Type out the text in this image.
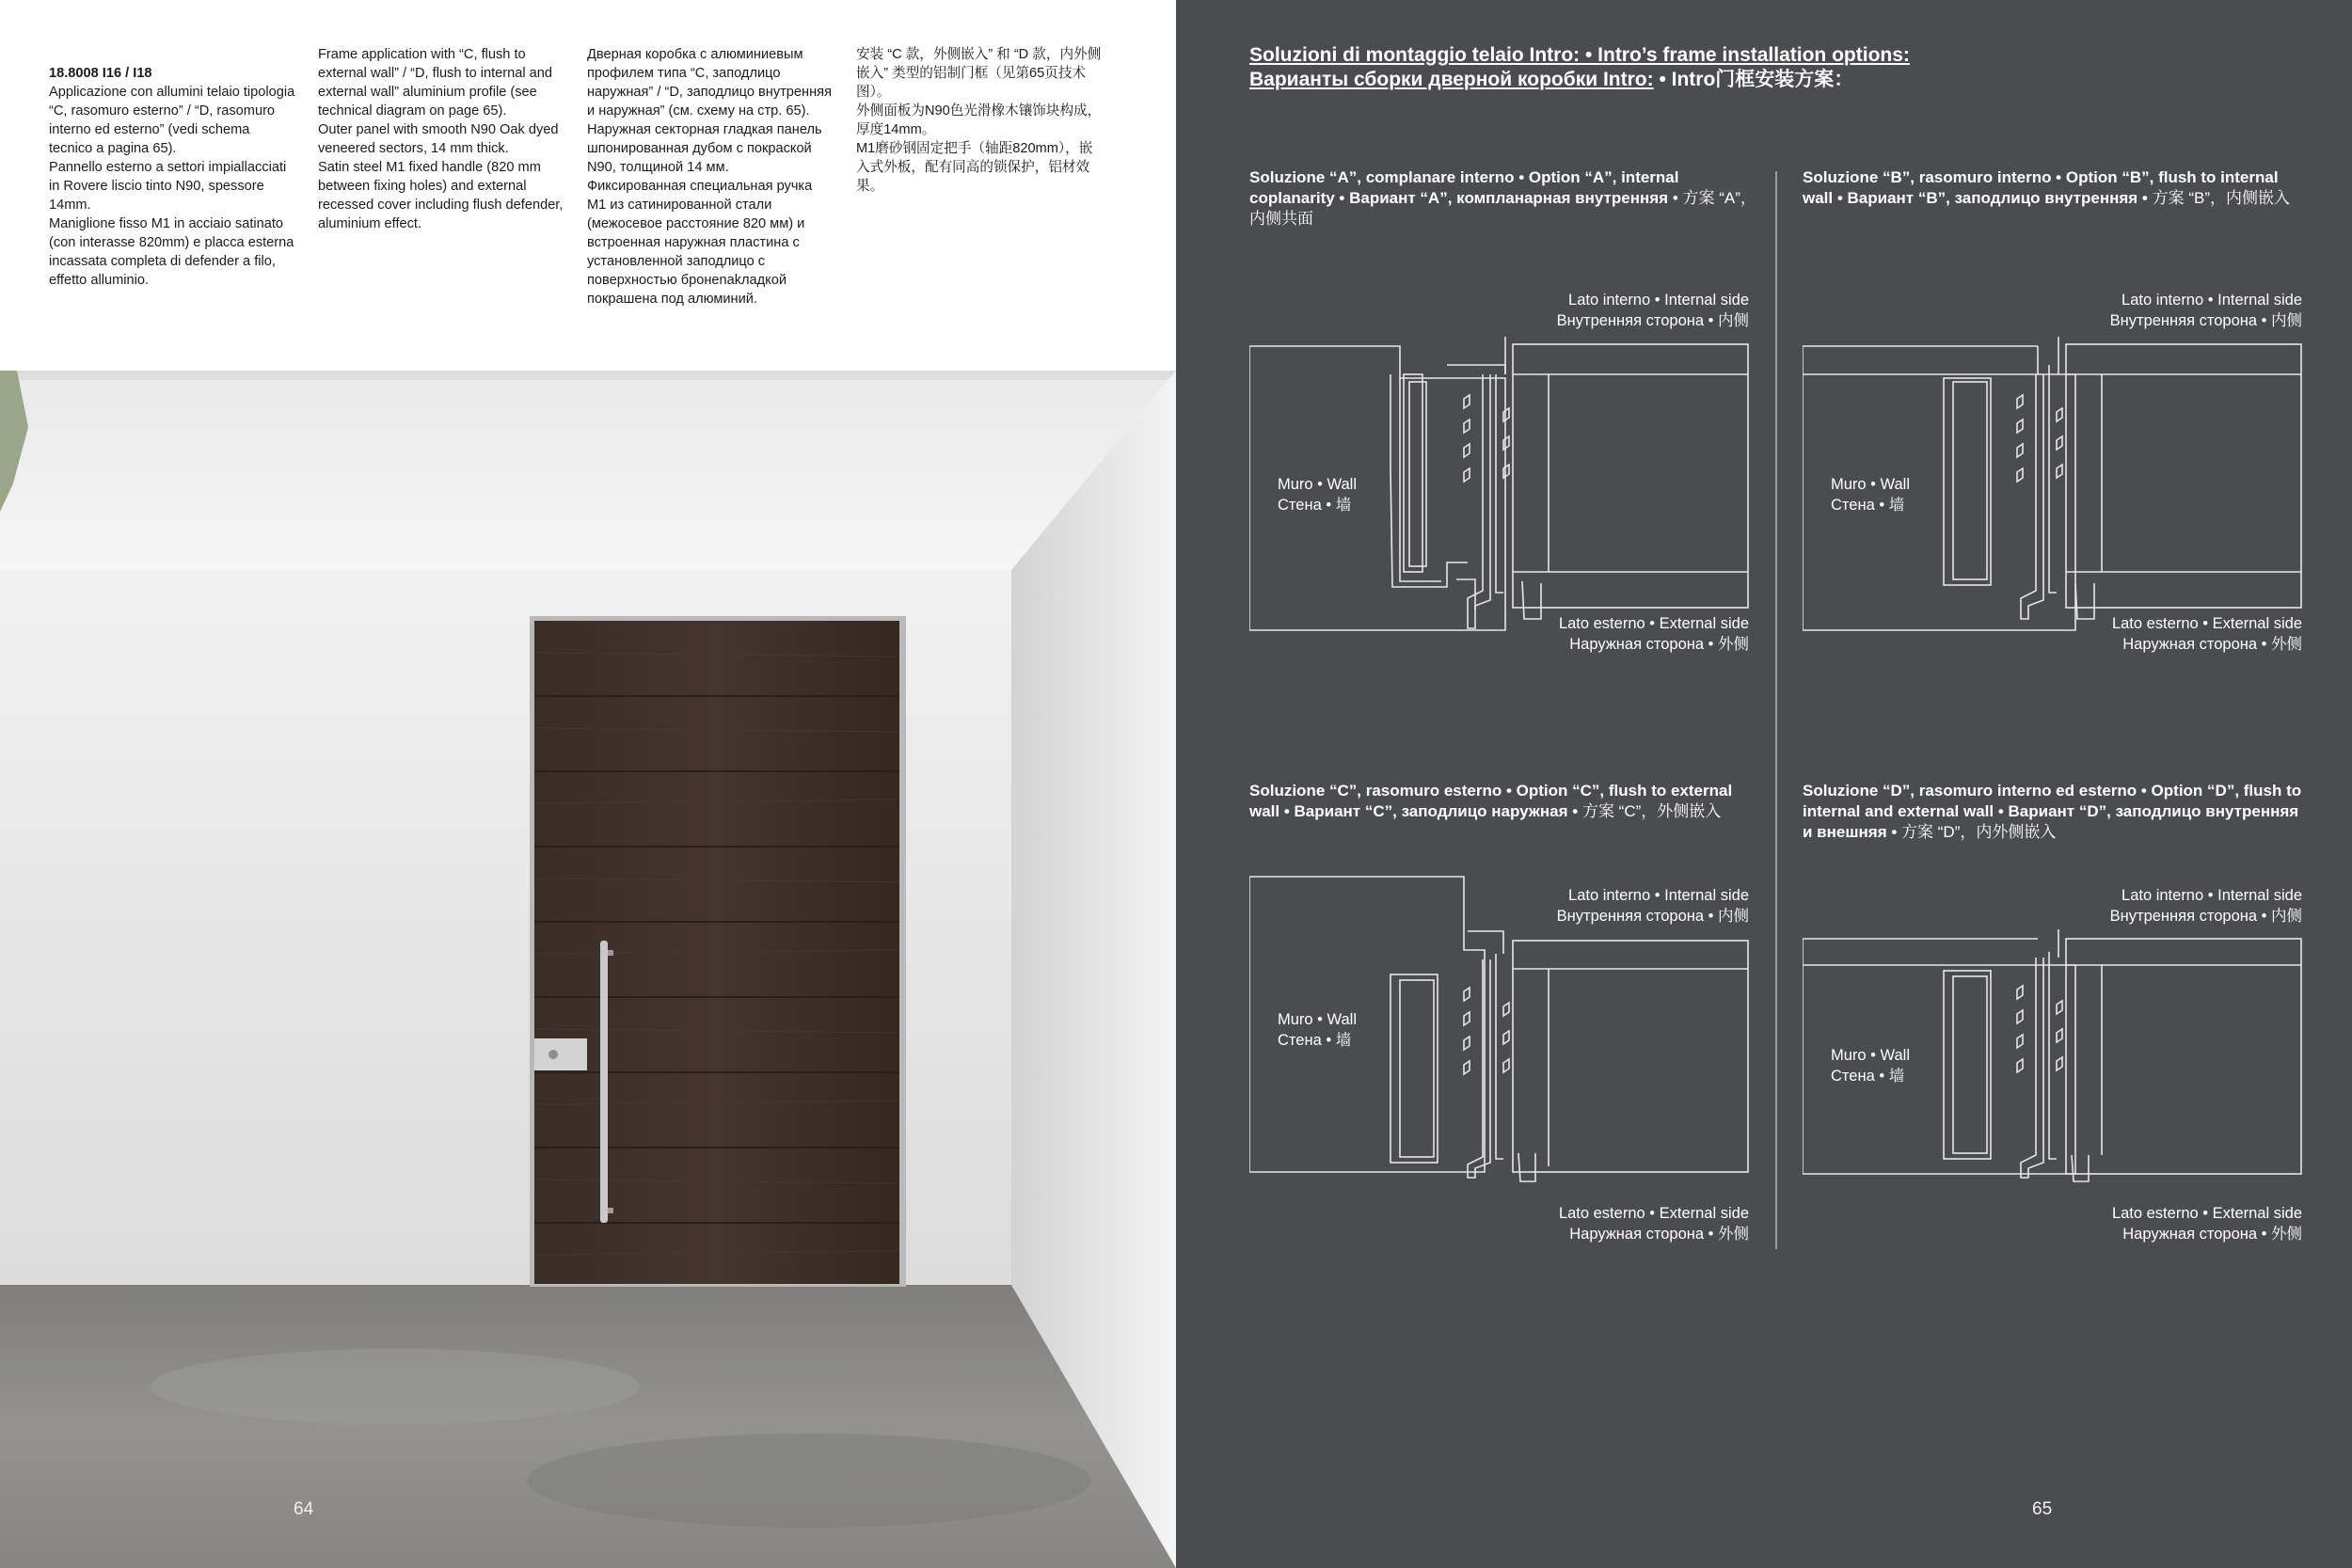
18.8008 I16 / I18
Applicazione con allumini telaio tipologia “C, rasomuro esterno” / “D, rasomuro interno ed esterno” (vedi schema tecnico a pagina 65).
Pannello esterno a settori impiallacciati in Rovere liscio tinto N90, spessore 14mm.
Maniglione fisso M1 in acciaio satinato (con interasse 820mm) e placca esterna incassata completa di defender a filo, effetto alluminio.

Frame application with “C, flush to external wall” / “D, flush to internal and external wall” aluminium profile (see technical diagram on page 65).
Outer panel with smooth N90 Oak dyed veneered sectors, 14 mm thick.
Satin steel M1 fixed handle (820 mm between fixing holes) and external recessed cover including flush defender, aluminium effect.
Дверная коробка с алюминиевым профилем типа “С, заподлицо наружная” / “D, заподлицо внутренняя и наружная” (см. схему на стр. 65).
Наружная секторная гладкая панель шпонированная дубом с покраской N90, толщиной 14 мм.
Фиксированная специальная ручка М1 из сатинированной стали (межосевое расстояние 820 мм) и встроенная наружная пластина с установленной заподлицо с поверхностью бронenakладкой покрашена под алюминий.
安装 “C 款，外侧嵌入” 和 “D 款，内外侧嵌入” 类型的铝制门框（见第65页技术图）。
外侧面板为N90色光滑橡木镶饰块构成，厚度14mm。
M1磨砂钢固定把手（轴距820mm），嵌入式外板，配有同高的锁保护，铝材效果。
64
Soluzioni di montaggio telaio Intro: • Intro’s frame installation options:
Варианты сборки дверной коробки Intro: • Intro门框安装方案：
Soluzione “A”, complanare interno • Option “A”, internal coplanarity • Вариант “A”, компланарная внутренняя • 方案 “A”，内侧共面
Soluzione “B”, rasomuro interno • Option “B”, flush to internal wall • Вариант “B”, заподлицо внутренняя • 方案 “B”，内侧嵌入
Soluzione “C”, rasomuro esterno • Option “C”, flush to external wall • Вариант “C”, заподлицо наружная • 方案 “C”，外侧嵌入
Soluzione “D”, rasomuro interno ed esterno • Option “D”, flush to internal and external wall • Вариант “D”, заподлицо внутренняя и внешняя • 方案 “D”，内外侧嵌入
Lato interno • Internal side
Внутренняя сторона • 内侧
Muro • Wall
Стена • 墙
Lato esterno • External side
Наружная сторона • 外侧
Lato interno • Internal side
Внутренняя сторона • 内侧
Muro • Wall
Стена • 墙
Lato esterno • External side
Наружная сторона • 外侧
Lato interno • Internal side
Внутренняя сторона • 内侧
Muro • Wall
Стена • 墙
Lato esterno • External side
Наружная сторона • 外侧
Lato interno • Internal side
Внутренняя сторона • 内侧
Muro • Wall
Стена • 墙
Lato esterno • External side
Наружная сторона • 外侧
65
